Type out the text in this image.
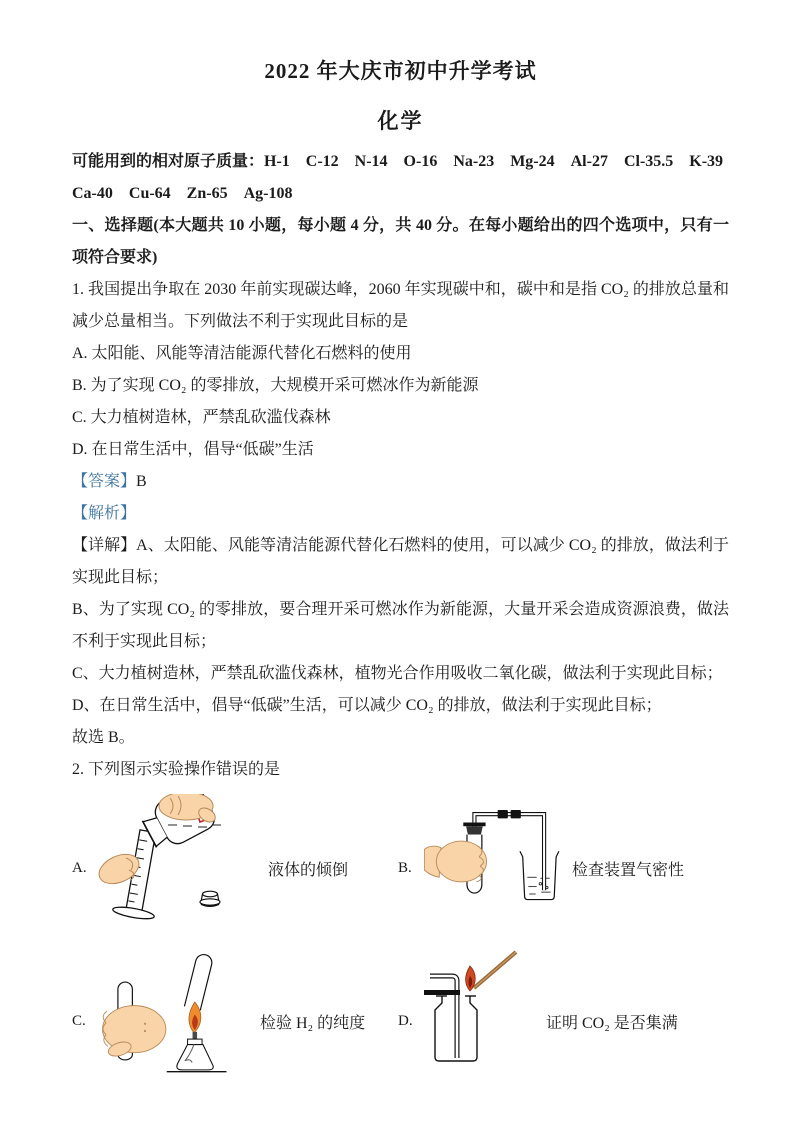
2022 年大庆市初中升学考试
化学

可能用到的相对原子质量：H-1　C-12　N-14　O-16　Na-23　Mg-24　Al-27　Cl-35.5　K-39

Ca-40　Cu-64　Zn-65　Ag-108

一、选择题(本大题共 10 小题，每小题 4 分，共 40 分。在每小题给出的四个选项中，只有一项符合要求)

1. 我国提出争取在 2030 年前实现碳达峰，2060 年实现碳中和，碳中和是指 CO₂ 的排放总量和减少总量相当。下列做法不利于实现此目标的是

A. 太阳能、风能等清洁能源代替化石燃料的使用

B. 为了实现 CO₂ 的零排放，大规模开采可燃冰作为新能源

C. 大力植树造林，严禁乱砍滥伐森林

D. 在日常生活中，倡导“低碳”生活

【答案】B

【解析】

【详解】A、太阳能、风能等清洁能源代替化石燃料的使用，可以减少 CO₂ 的排放，做法利于实现此目标；

B、为了实现 CO₂ 的零排放，要合理开采可燃冰作为新能源，大量开采会造成资源浪费，做法不利于实现此目标；

C、大力植树造林，严禁乱砍滥伐森林，植物光合作用吸收二氧化碳，做法利于实现此目标；

D、在日常生活中，倡导“低碳”生活，可以减少 CO₂ 的排放，做法利于实现此目标；

故选 B。

2. 下列图示实验操作错误的是

A.	液体的倾倒	B.	检查装置气密性
C.	检验 H₂ 的纯度 D.	证明 CO₂ 是否集满
